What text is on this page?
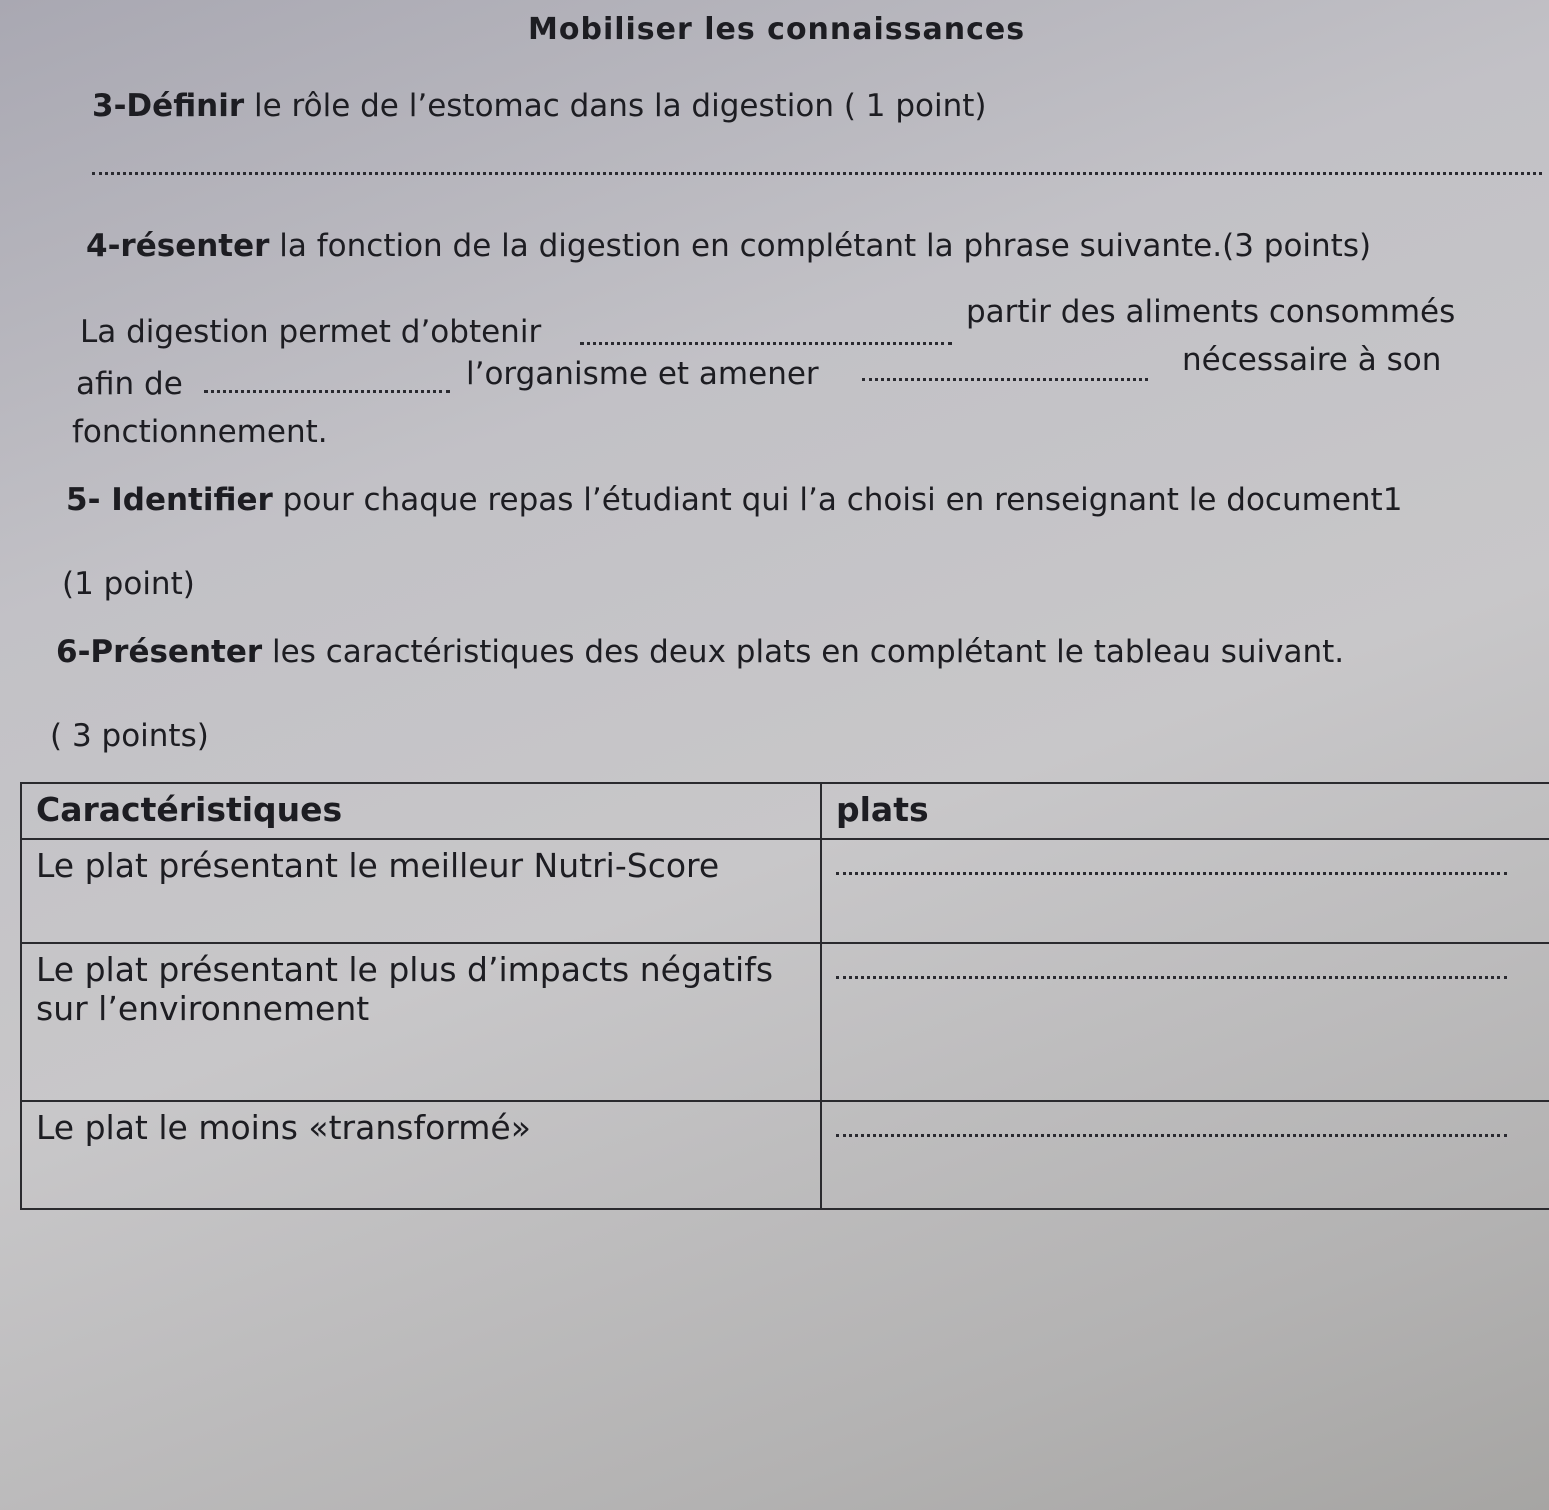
Mobiliser les connaissances
3-Définir le rôle de l’estomac dans la digestion ( 1 point)
4-résenter la fonction de la digestion en complétant la phrase suivante.(3 points)
La digestion permet d’obtenir
partir des aliments consommés
afin de	l’organisme et amener	nécessaire à son
fonctionnement.
5- Identifier pour chaque repas l’étudiant qui l’a choisi en renseignant le document1
(1 point)
6-Présenter les caractéristiques des deux plats en complétant le tableau suivant.
( 3 points)
Caractéristiques	plats
Le plat présentant le meilleur Nutri-Score	

Le plat présentant le plus d’impacts négatifs sur l’environnement	

Le plat le moins «transformé»	
